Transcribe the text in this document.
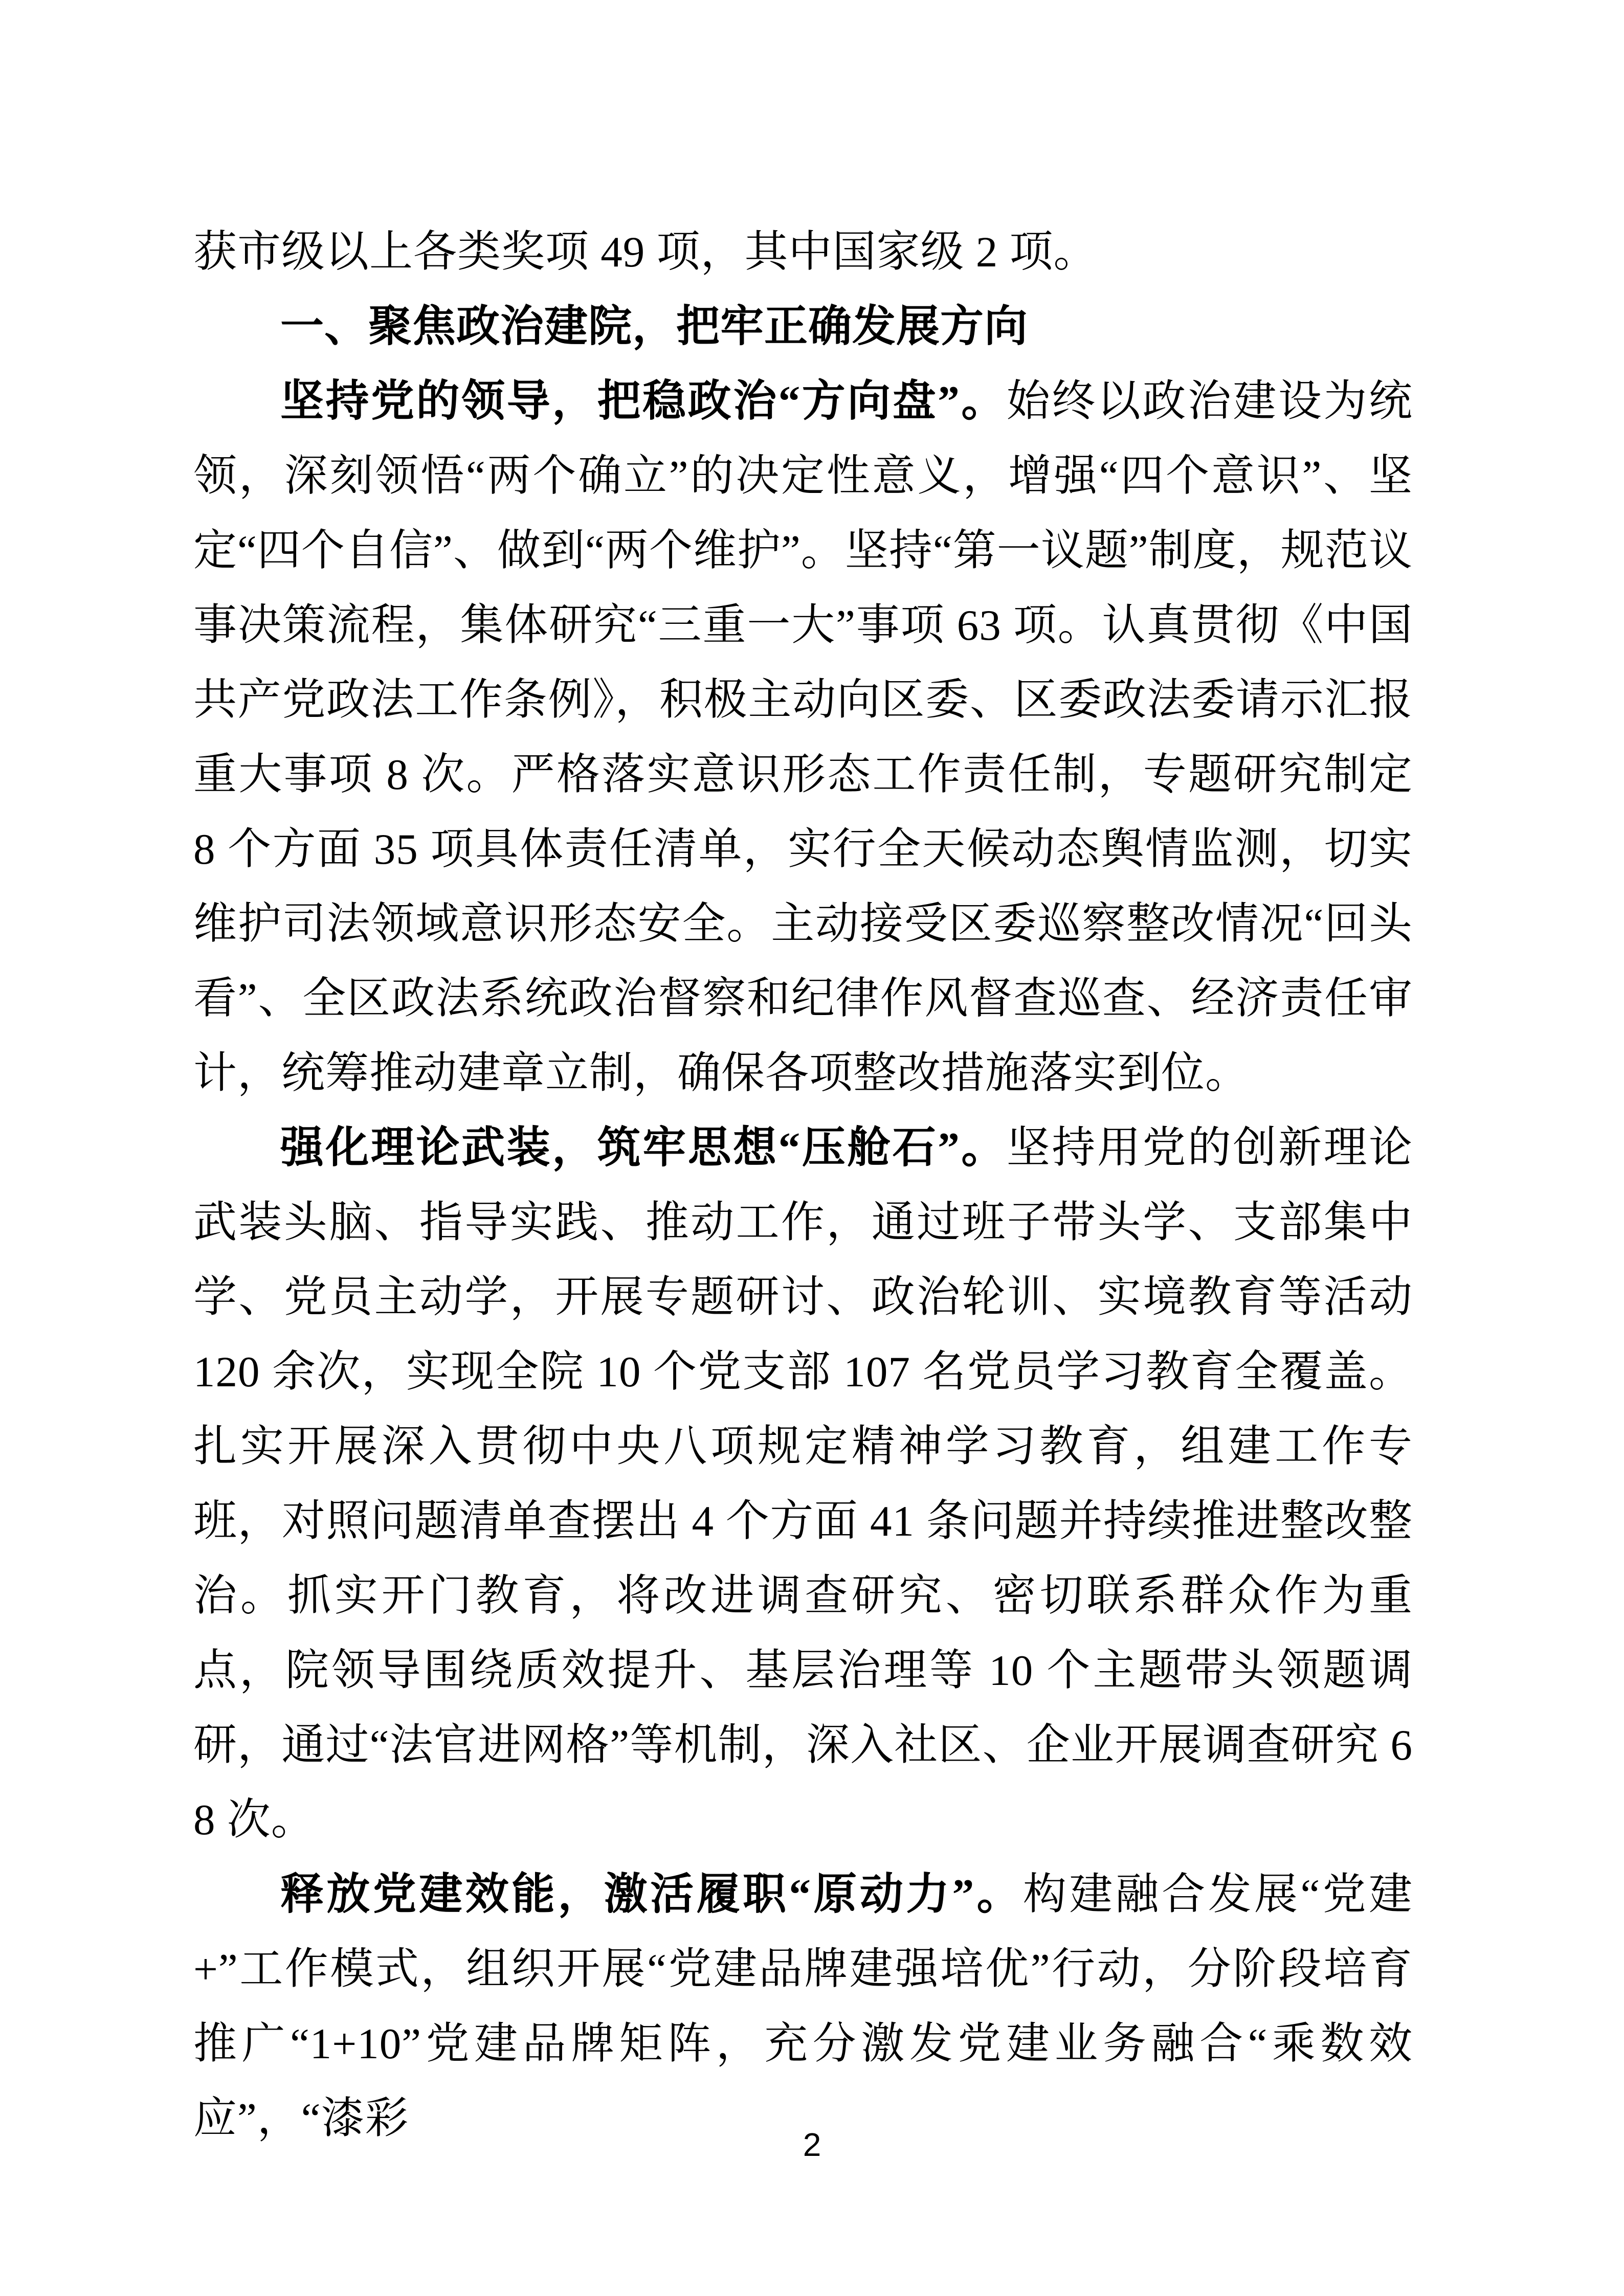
获市级以上各类奖项 49 项，其中国家级 2 项。

一、聚焦政治建院，把牢正确发展方向

坚持党的领导，把稳政治“方向盘”。始终以政治建设为统领，深刻领悟“两个确立”的决定性意义，增强“四个意识”、坚定“四个自信”、做到“两个维护”。坚持“第一议题”制度，规范议事决策流程，集体研究“三重一大”事项 63 项。认真贯彻《中国共产党政法工作条例》，积极主动向区委、区委政法委请示汇报重大事项 8 次。严格落实意识形态工作责任制，专题研究制定 8 个方面 35 项具体责任清单，实行全天候动态舆情监测，切实维护司法领域意识形态安全。主动接受区委巡察整改情况“回头看”、全区政法系统政治督察和纪律作风督查巡查、经济责任审计，统筹推动建章立制，确保各项整改措施落实到位。

强化理论武装，筑牢思想“压舱石”。坚持用党的创新理论武装头脑、指导实践、推动工作，通过班子带头学、支部集中学、党员主动学，开展专题研讨、政治轮训、实境教育等活动 120 余次，实现全院 10 个党支部 107 名党员学习教育全覆盖。扎实开展深入贯彻中央八项规定精神学习教育，组建工作专班，对照问题清单查摆出 4 个方面 41 条问题并持续推进整改整治。抓实开门教育，将改进调查研究、密切联系群众作为重点，院领导围绕质效提升、基层治理等 10 个主题带头领题调研，通过“法官进网格”等机制，深入社区、企业开展调查研究 68 次。

释放党建效能，激活履职“原动力”。构建融合发展“党建+”工作模式，组织开展“党建品牌建强培优”行动，分阶段培育推广“1+10”党建品牌矩阵，充分激发党建业务融合“乘数效应”，“漆彩

2
